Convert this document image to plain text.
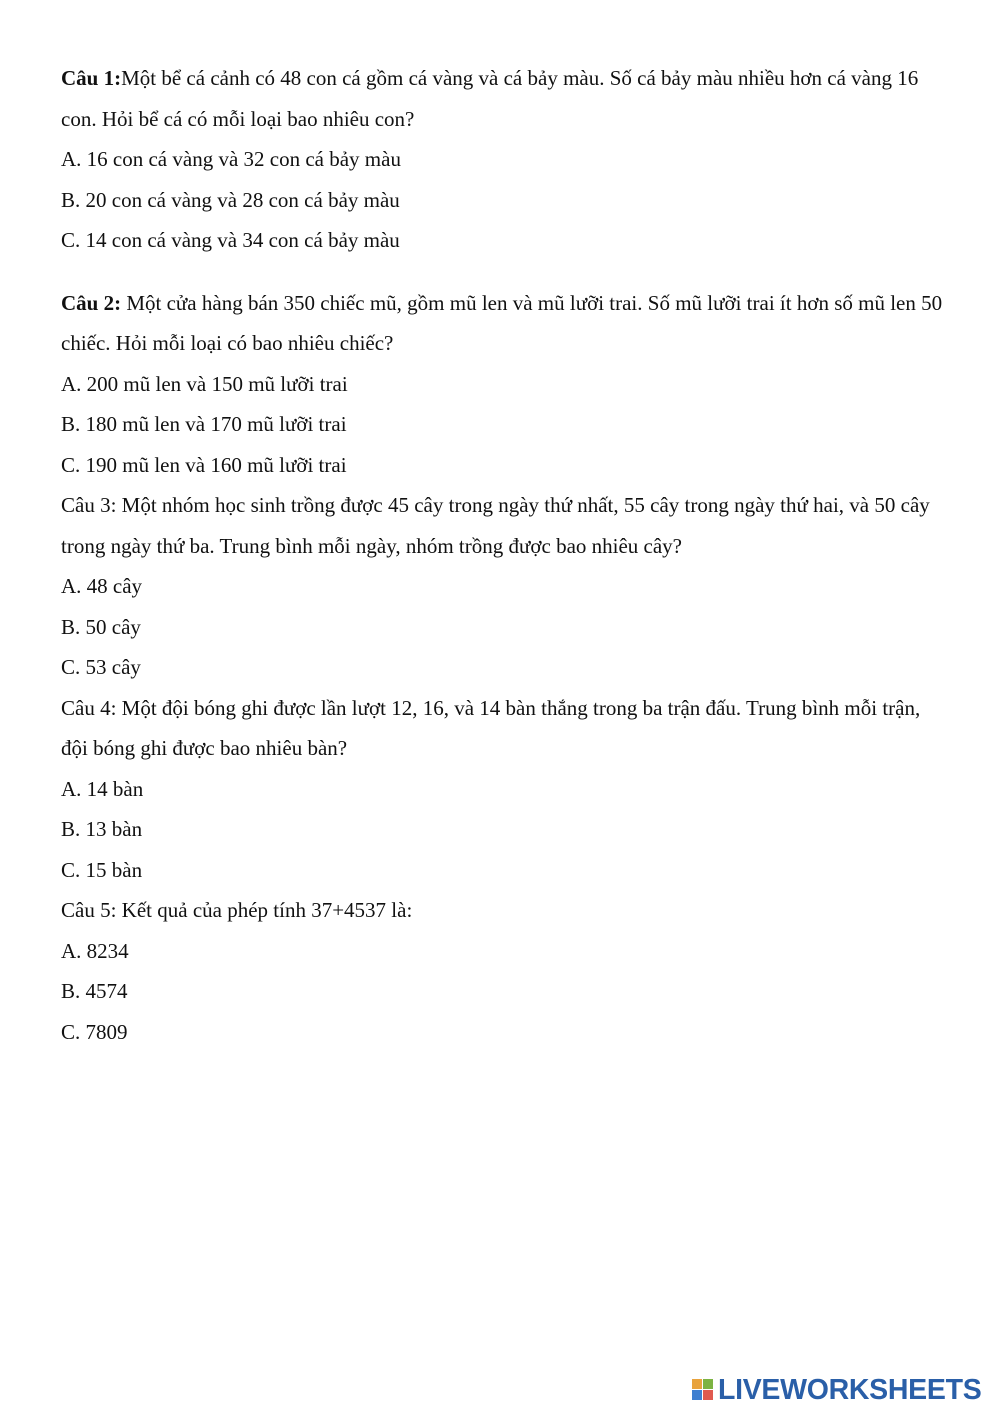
Câu 1:Một bể cá cảnh có 48 con cá gồm cá vàng và cá bảy màu. Số cá bảy màu nhiều hơn cá vàng 16 con. Hỏi bể cá có mỗi loại bao nhiêu con?

A. 16 con cá vàng và 32 con cá bảy màu

B. 20 con cá vàng và 28 con cá bảy màu

C. 14 con cá vàng và 34 con cá bảy màu

Câu 2: Một cửa hàng bán 350 chiếc mũ, gồm mũ len và mũ lưỡi trai. Số mũ lưỡi trai ít hơn số mũ len 50 chiếc. Hỏi mỗi loại có bao nhiêu chiếc?

A. 200 mũ len và 150 mũ lưỡi trai

B. 180 mũ len và 170 mũ lưỡi trai

C. 190 mũ len và 160 mũ lưỡi trai

Câu 3: Một nhóm học sinh trồng được 45 cây trong ngày thứ nhất, 55 cây trong ngày thứ hai, và 50 cây trong ngày thứ ba. Trung bình mỗi ngày, nhóm trồng được bao nhiêu cây?

A. 48 cây

B. 50 cây

C. 53 cây

Câu 4: Một đội bóng ghi được lần lượt 12, 16, và 14 bàn thắng trong ba trận đấu. Trung bình mỗi trận, đội bóng ghi được bao nhiêu bàn?

A. 14 bàn

B. 13 bàn

C. 15 bàn

Câu 5: Kết quả của phép tính 37+4537 là:

A. 8234

B. 4574

C. 7809

LIVEWORKSHEETS
